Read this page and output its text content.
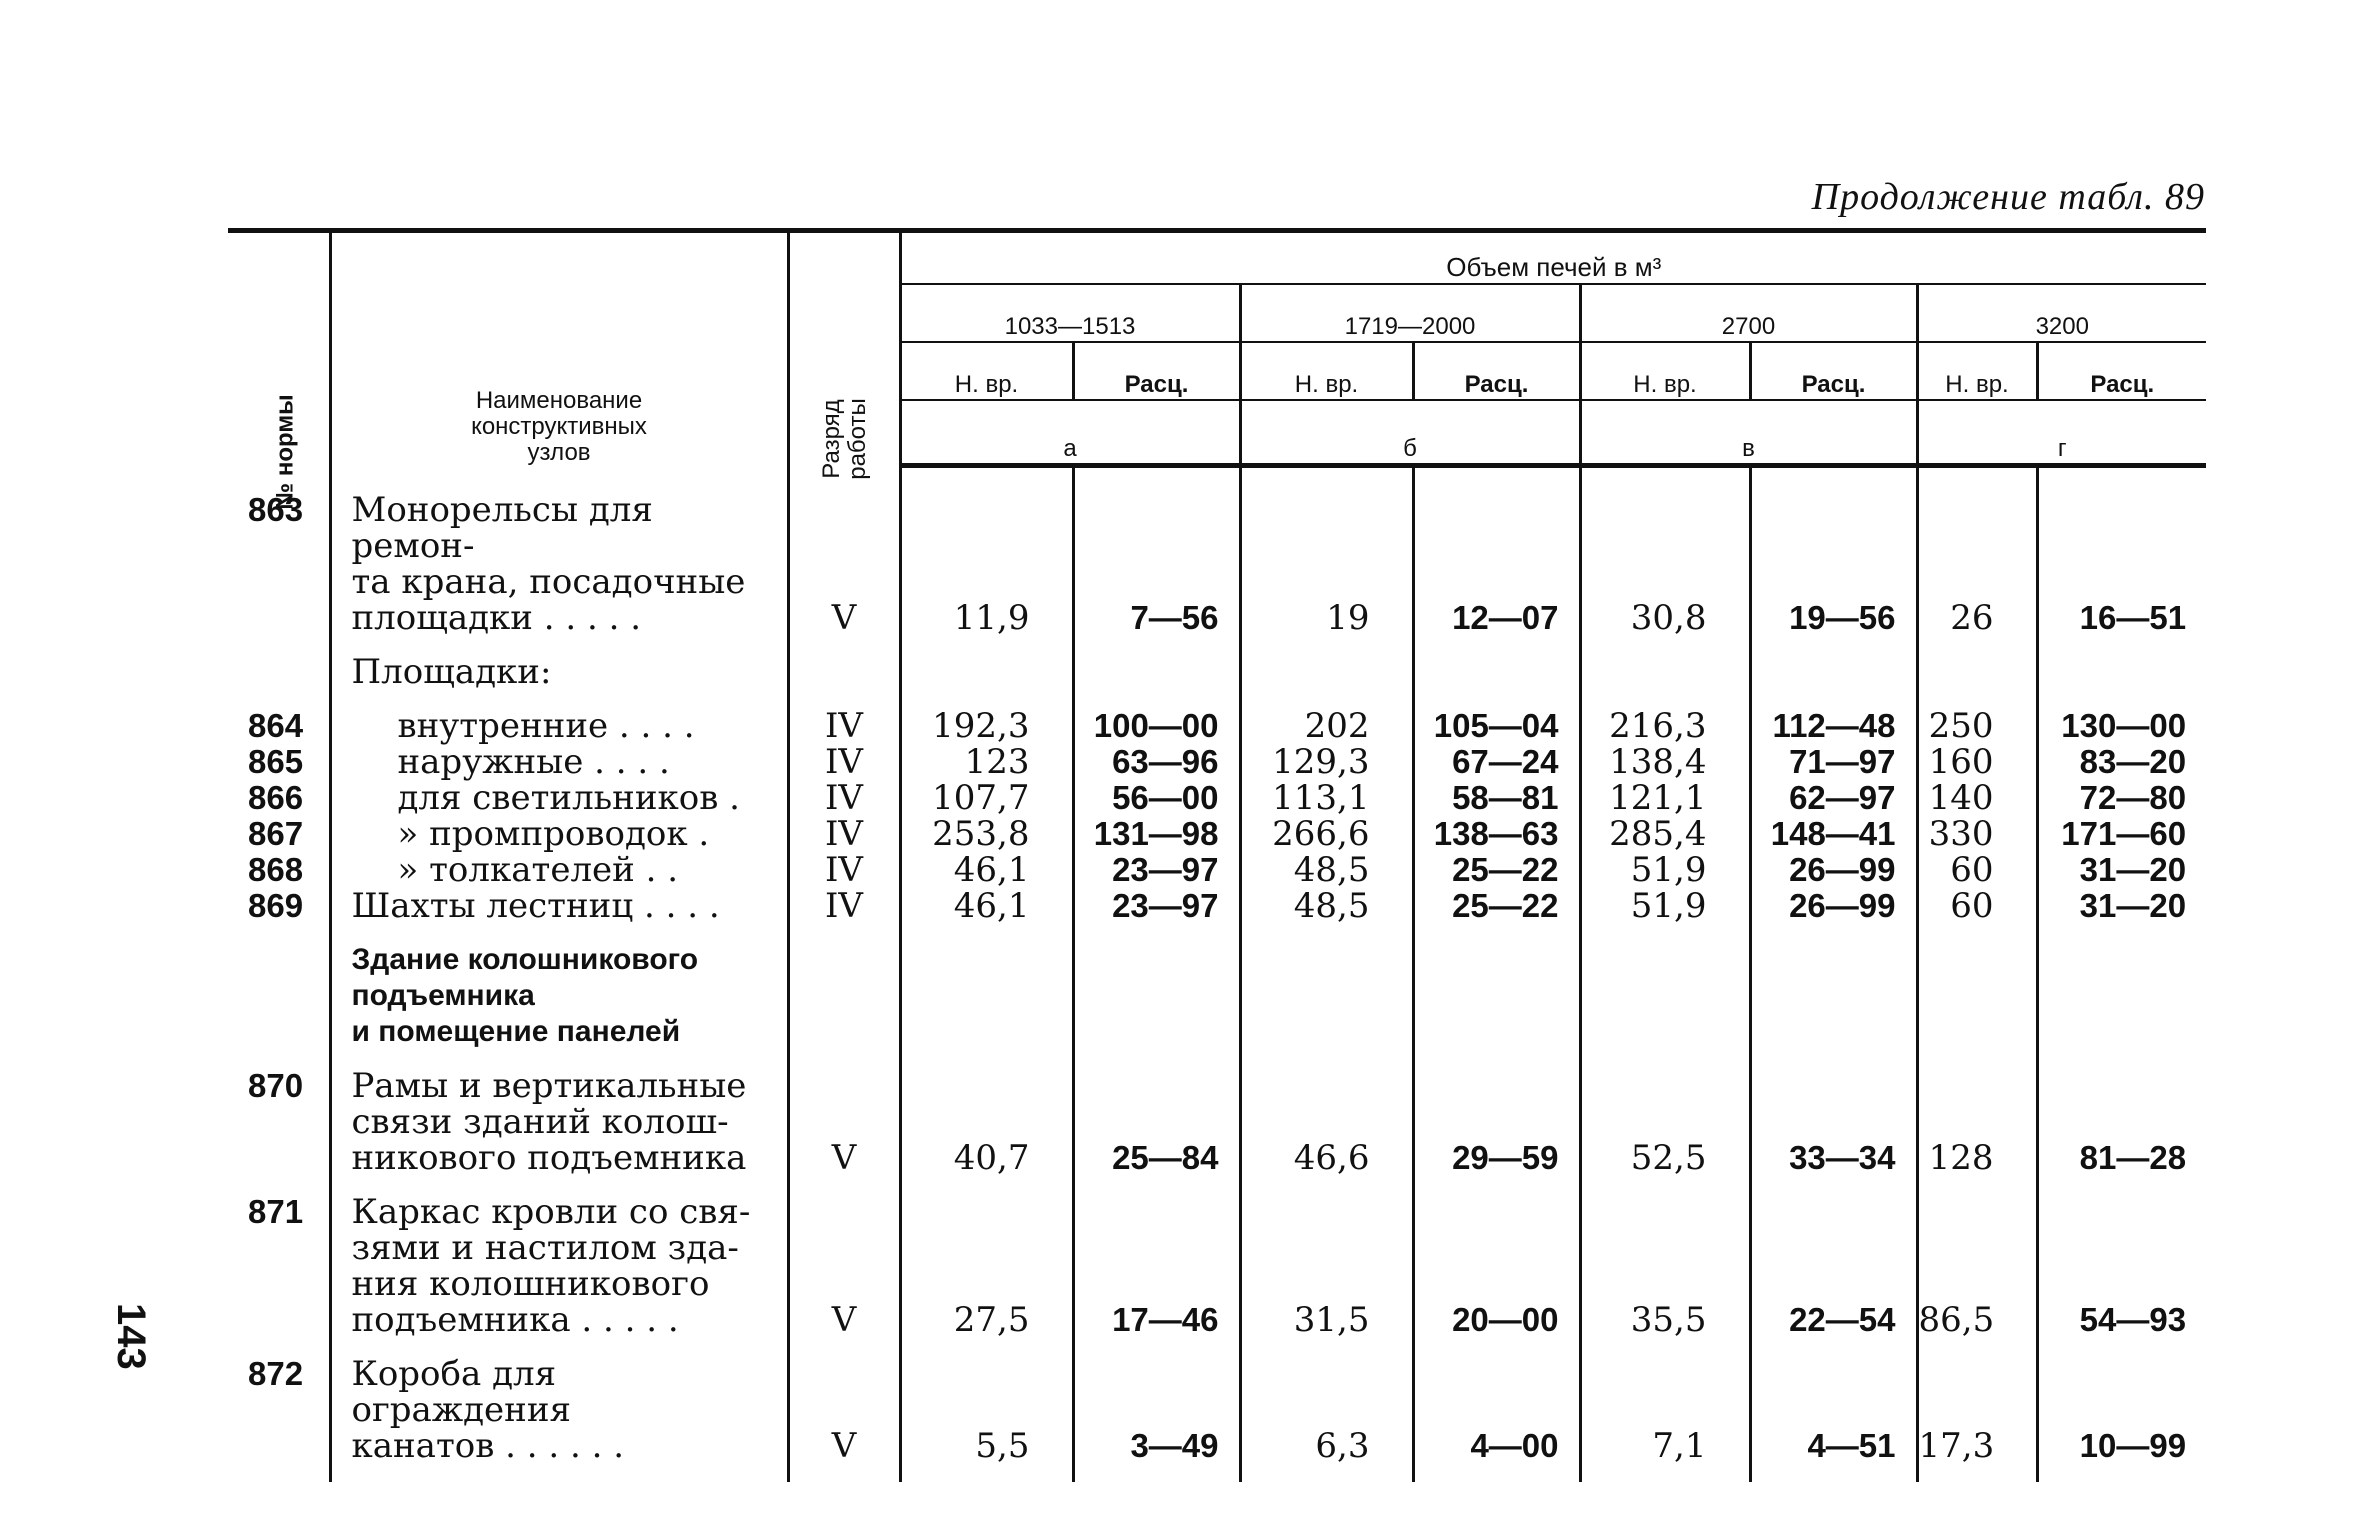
Продолжение табл. 89
№ нормы	Наименование конструктивных узлов	Разряд работы	Объем печей в м³							
			1033—1513		1719—2000		2700		3200	
			Н. вр.	Расц.	Н. вр.	Расц.	Н. вр.	Расц.	Н. вр.	Расц.
			а		б		в		г	

863	Монорельсы для ремон-
та крана, посадочные
площадки . . . . .	V	11,9	7—56	19	12—07	30,8	19—56	26	16—51

	Площадки:									

864	внутренние . . . .	IV	192,3	100—00	202	105—04	216,3	112—48	250	130—00
865	наружные . . . .	IV	123	63—96	129,3	67—24	138,4	71—97	160	83—20
866	для светильников .	IV	107,7	56—00	113,1	58—81	121,1	62—97	140	72—80
867	» промпроводок .	IV	253,8	131—98	266,6	138—63	285,4	148—41	330	171—60
868	» толкателей . .	IV	46,1	23—97	48,5	25—22	51,9	26—99	60	31—20
869	Шахты лестниц . . . .	IV	46,1	23—97	48,5	25—22	51,9	26—99	60	31—20

	Здание колошникового
подъемника
и помещение панелей									

870	Рамы и вертикальные
связи зданий колош-
никового подъемника	V	40,7	25—84	46,6	29—59	52,5	33—34	128	81—28

871	Каркас кровли со свя-
зями и настилом зда-
ния колошникового
подъемника . . . . .	V	27,5	17—46	31,5	20—00	35,5	22—54	86,5	54—93

872	Короба для ограждения
канатов . . . . . .	V	5,5	3—49	6,3	4—00	7,1	4—51	17,3	10—99

143
